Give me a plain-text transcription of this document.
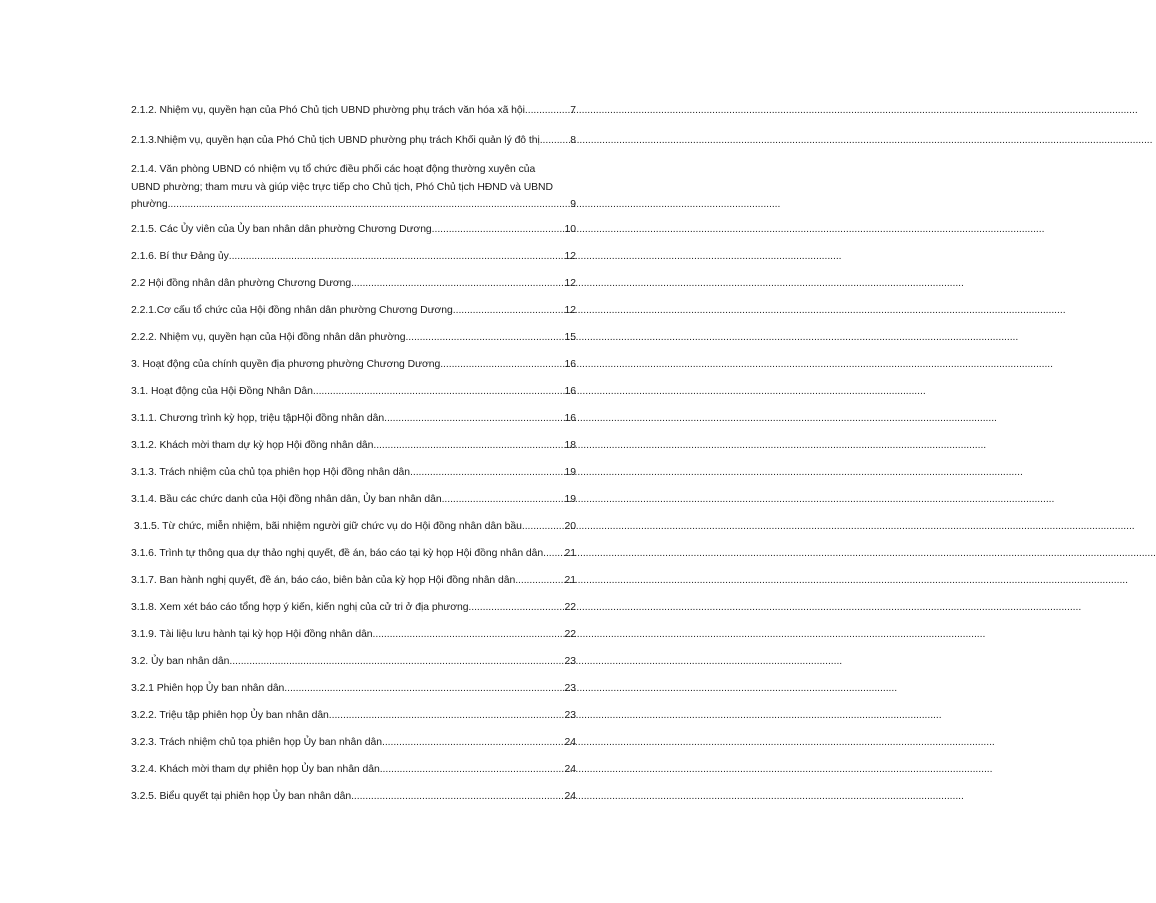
2.1.2. Nhiệm vụ, quyền hạn của Phó Chủ tịch UBND phường phụ trách văn hóa xã hội .....	7
2.1.3.Nhiệm vụ, quyền hạn của Phó Chủ tịch UBND phường phụ trách Khối quản lý đô thị .....	8
2.1.4. Văn phòng UBND có nhiệm vụ tổ chức điều phối các hoạt động thường xuyên của
UBND phường; tham mưu và giúp việc trực tiếp cho Chủ tịch, Phó Chủ tịch HĐND và UBND
phường .....	9
2.1.5. Các Ủy viên của Ủy ban nhân dân phường Chương Dương .....	10
2.1.6. Bí thư Đảng ủy .....	12
2.2 Hội đồng nhân dân phường Chương Dương .....	12
2.2.1.Cơ cấu tổ chức của Hội đồng nhân dân phường Chương Dương .....	12
2.2.2. Nhiệm vụ, quyền hạn của Hội đồng nhân dân phường .....	15
3. Hoạt động của chính quyền địa phương phường Chương Dương .....	16
3.1. Hoạt động của Hội Đồng Nhân Dân .....	16
3.1.1. Chương trình kỳ họp, triệu tậpHội đồng nhân dân .....	16
3.1.2. Khách mời tham dự kỳ họp Hội đồng nhân dân .....	18
3.1.3. Trách nhiệm của chủ tọa phiên họp Hội đồng nhân dân .....	19
3.1.4. Bầu các chức danh của Hội đồng nhân dân, Ủy ban nhân dân .....	19
3.1.5. Từ chức, miễn nhiệm, bãi nhiệm người giữ chức vụ do Hội đồng nhân dân bầu .....	20
3.1.6. Trình tự thông qua dự thảo nghị quyết, đề án, báo cáo tại kỳ họp Hội đồng nhân dân ..... 21
3.1.7. Ban hành nghị quyết, đề án, báo cáo, biên bản của kỳ họp Hội đồng nhân dân .....	21
3.1.8. Xem xét báo cáo tổng hợp ý kiến, kiến nghị của cử tri ở địa phương .....	22
3.1.9. Tài liệu lưu hành tại kỳ họp Hội đồng nhân dân .....	22
3.2. Ủy ban nhân dân .....	23
3.2.1 Phiên họp Ủy ban nhân dân .....	23
3.2.2. Triệu tập phiên họp Ủy ban nhân dân .....	23
3.2.3. Trách nhiệm chủ tọa phiên họp Ủy ban nhân dân .....	24
3.2.4. Khách mời tham dự phiên họp Ủy ban nhân dân .....	24
3.2.5. Biểu quyết tại phiên họp Ủy ban nhân dân .....	24
